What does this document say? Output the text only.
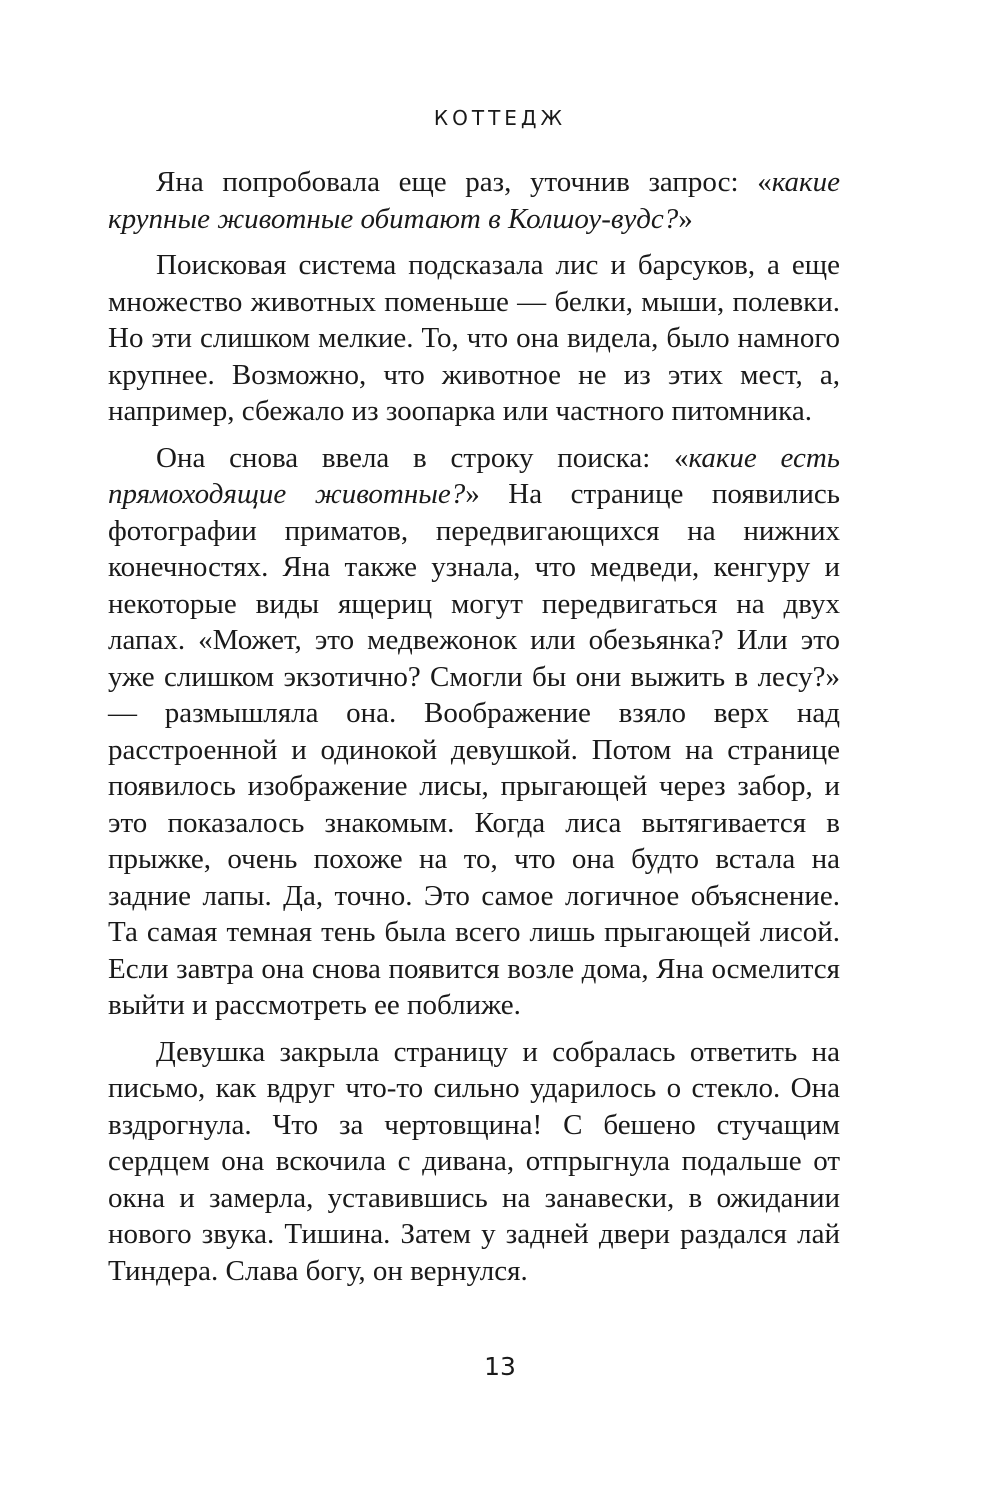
КОТТЕДЖ

Яна попробовала еще раз, уточнив запрос: «какие крупные животные обитают в Колшоу-вудс?»

Поисковая система подсказала лис и барсуков, а еще множество животных поменьше — белки, мыши, полевки. Но эти слишком мелкие. То, что она видела, было намного крупнее. Возможно, что животное не из этих мест, а, например, сбежало из зоопарка или частного питомника.

Она снова ввела в строку поиска: «какие есть прямоходящие животные?» На странице появились фотографии приматов, передвигающихся на нижних конечностях. Яна также узнала, что медведи, кенгуру и некоторые виды ящериц могут передвигаться на двух лапах. «Может, это медвежонок или обезьянка? Или это уже слишком экзотично? Смогли бы они выжить в лесу?» — размышляла она. Воображение взяло верх над расстроенной и одинокой девушкой. Потом на странице появилось изображение лисы, прыгающей через забор, и это показалось знакомым. Когда лиса вытягивается в прыжке, очень похоже на то, что она будто встала на задние лапы. Да, точно. Это самое логичное объяснение. Та самая темная тень была всего лишь прыгающей лисой. Если завтра она снова появится возле дома, Яна осмелится выйти и рассмотреть ее поближе.

Девушка закрыла страницу и собралась ответить на письмо, как вдруг что-то сильно ударилось о стекло. Она вздрогнула. Что за чертовщина! С бешено стучащим сердцем она вскочила с дивана, отпрыгнула подальше от окна и замерла, уставившись на занавески, в ожидании нового звука. Тишина. Затем у задней двери раздался лай Тиндера. Слава богу, он вернулся.

13
